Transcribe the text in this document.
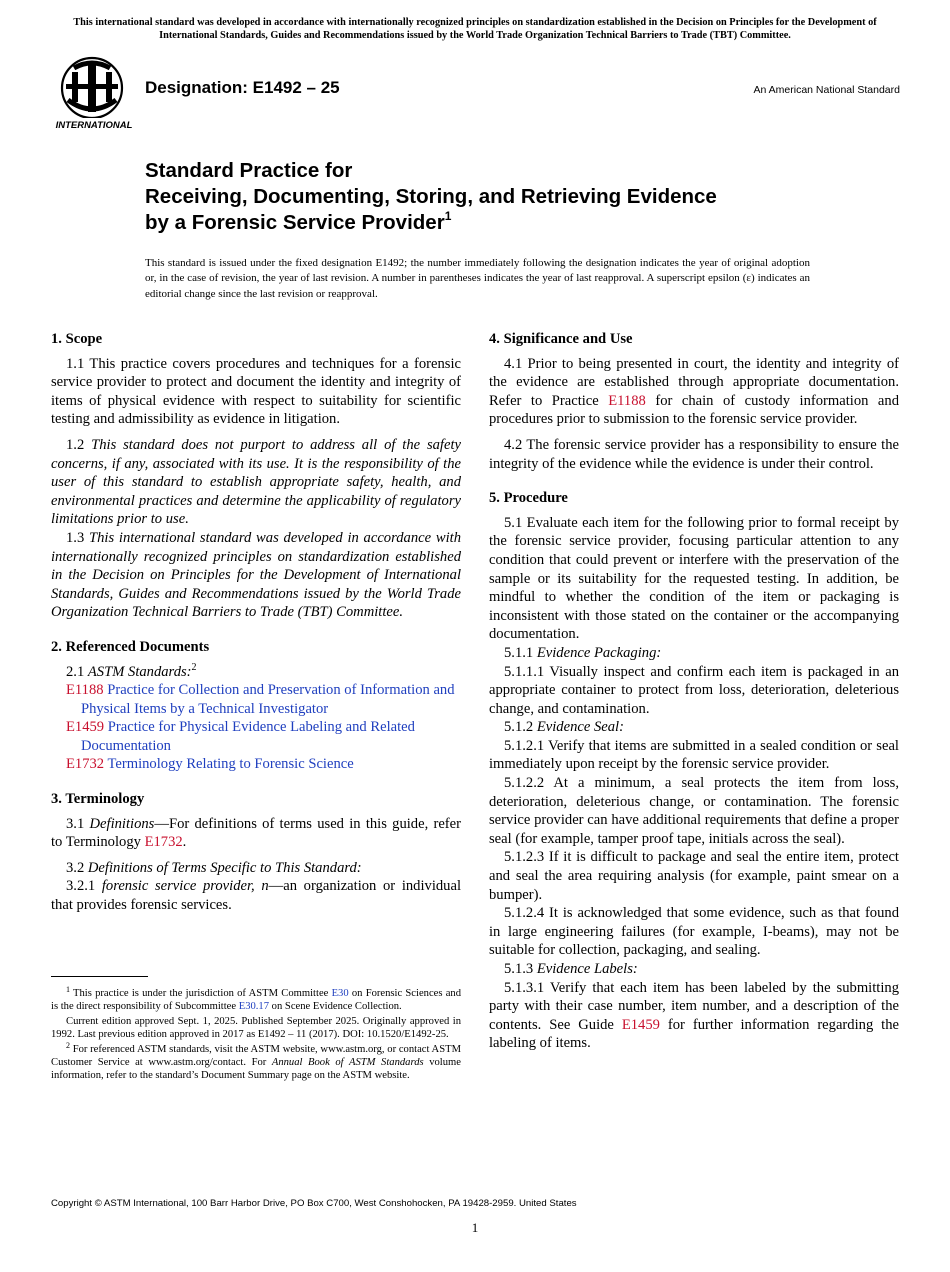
This international standard was developed in accordance with internationally recognized principles on standardization established in the Decision on Principles for the Development of International Standards, Guides and Recommendations issued by the World Trade Organization Technical Barriers to Trade (TBT) Committee.
INTERNATIONAL
Designation: E1492 – 25	An American National Standard
Standard Practice for
Receiving, Documenting, Storing, and Retrieving Evidence
by a Forensic Service Provider$^1$
This standard is issued under the fixed designation E1492; the number immediately following the designation indicates the year of original adoption or, in the case of revision, the year of last revision. A number in parentheses indicates the year of last reapproval. A superscript epsilon (ε) indicates an editorial change since the last revision or reapproval.
1. Scope

1.1 This practice covers procedures and techniques for a forensic service provider to protect and document the identity and integrity of items of physical evidence with respect to suitability for scientific testing and admissibility as evidence in litigation.

1.2 This standard does not purport to address all of the safety concerns, if any, associated with its use. It is the responsibility of the user of this standard to establish appropriate safety, health, and environmental practices and determine the applicability of regulatory limitations prior to use.

1.3 This international standard was developed in accordance with internationally recognized principles on standardization established in the Decision on Principles for the Development of International Standards, Guides and Recommendations issued by the World Trade Organization Technical Barriers to Trade (TBT) Committee.

2. Referenced Documents

2.1 ASTM Standards:$^2$

E1188 Practice for Collection and Preservation of Information and Physical Items by a Technical Investigator

E1459 Practice for Physical Evidence Labeling and Related Documentation

E1732 Terminology Relating to Forensic Science

3. Terminology

3.1 Definitions—For definitions of terms used in this guide, refer to Terminology E1732.

3.2 Definitions of Terms Specific to This Standard:

3.2.1 forensic service provider, n—an organization or individual that provides forensic services.

$^1$ This practice is under the jurisdiction of ASTM Committee E30 on Forensic Sciences and is the direct responsibility of Subcommittee E30.17 on Scene Evidence Collection.

Current edition approved Sept. 1, 2025. Published September 2025. Originally approved in 1992. Last previous edition approved in 2017 as E1492 – 11 (2017). DOI: 10.1520/E1492-25.

$^2$ For referenced ASTM standards, visit the ASTM website, www.astm.org, or contact ASTM Customer Service at www.astm.org/contact. For Annual Book of ASTM Standards volume information, refer to the standard’s Document Summary page on the ASTM website.

4. Significance and Use

4.1 Prior to being presented in court, the identity and integrity of the evidence are established through appropriate documentation. Refer to Practice E1188 for chain of custody information and procedures prior to submission to the forensic service provider.

4.2 The forensic service provider has a responsibility to ensure the integrity of the evidence while the evidence is under their control.

5. Procedure

5.1 Evaluate each item for the following prior to formal receipt by the forensic service provider, focusing particular attention to any condition that could prevent or interfere with the preservation of the sample or its suitability for the requested testing. In addition, be mindful to whether the condition of the item or packaging is inconsistent with those stated on the container or the accompanying documentation.

5.1.1 Evidence Packaging:

5.1.1.1 Visually inspect and confirm each item is packaged in an appropriate container to protect from loss, deterioration, deleterious change, and contamination.

5.1.2 Evidence Seal:

5.1.2.1 Verify that items are submitted in a sealed condition or seal immediately upon receipt by the forensic service provider.

5.1.2.2 At a minimum, a seal protects the item from loss, deterioration, deleterious change, or contamination. The forensic service provider can have additional requirements that define a proper seal (for example, tamper proof tape, initials across the seal).

5.1.2.3 If it is difficult to package and seal the entire item, protect and seal the area requiring analysis (for example, paint smear on a bumper).

5.1.2.4 It is acknowledged that some evidence, such as that found in large engineering failures (for example, I-beams), may not be suitable for collection, packaging, and sealing.

5.1.3 Evidence Labels:

5.1.3.1 Verify that each item has been labeled by the submitting party with their case number, item number, and a description of the contents. See Guide E1459 for further information regarding the labeling of items.

Copyright © ASTM International, 100 Barr Harbor Drive, PO Box C700, West Conshohocken, PA 19428-2959. United States
1
